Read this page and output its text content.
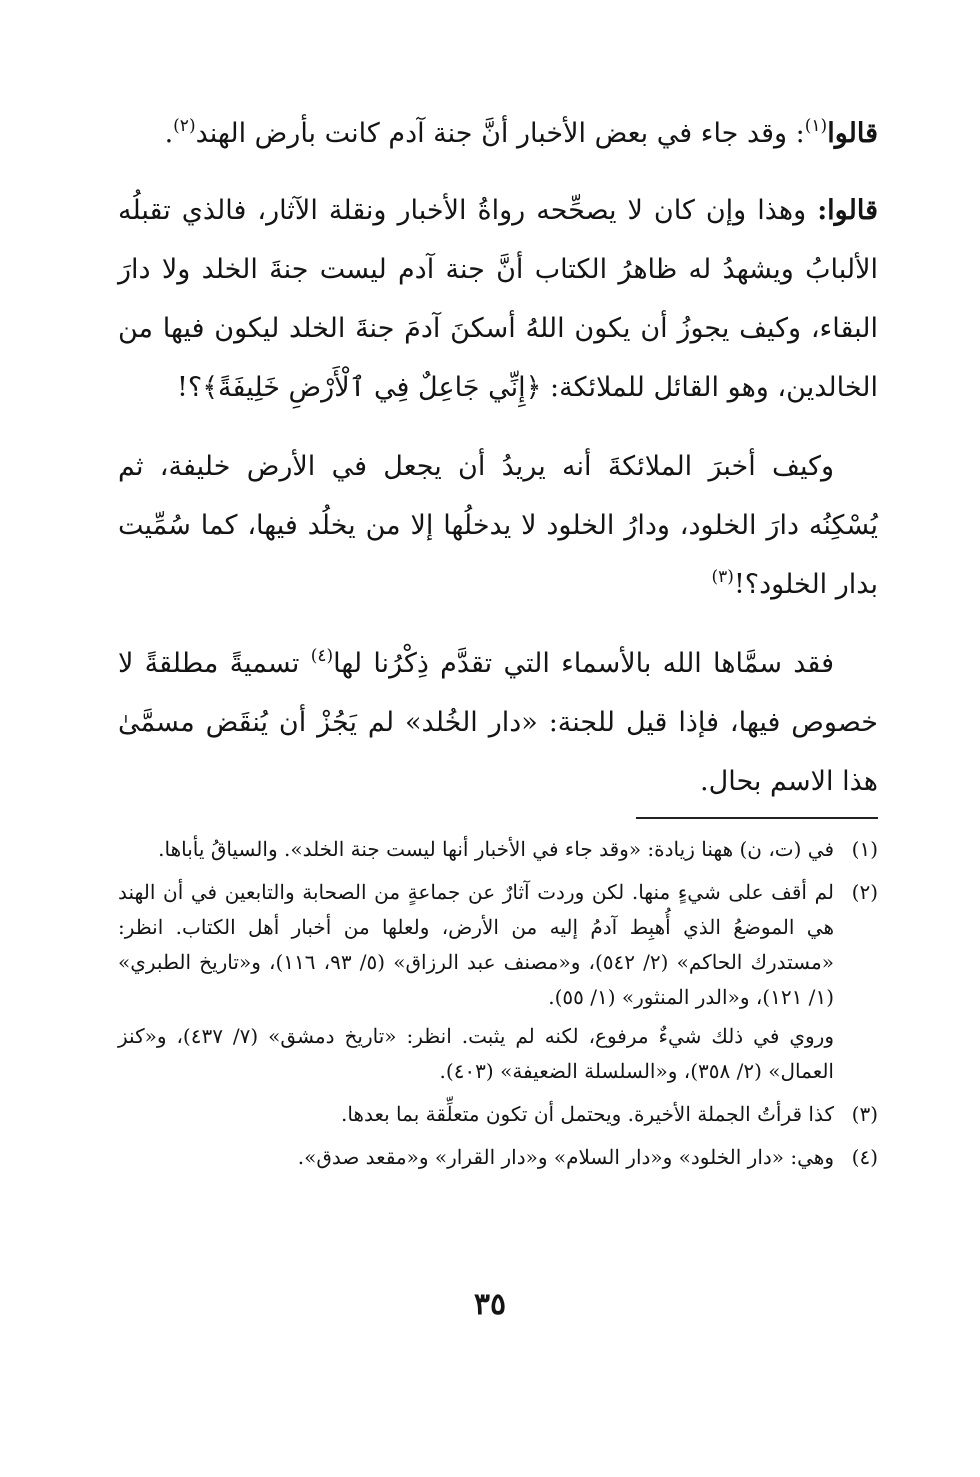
قالوا$^{(١)}$: وقد جاء في بعض الأخبار أنَّ جنة آدم كانت بأرض الهند$^{(٢)}$.

قالوا: وهذا وإن كان لا يصحِّحه رواةُ الأخبار ونقلة الآثار، فالذي تقبلُه الألبابُ ويشهدُ له ظاهرُ الكتاب أنَّ جنة آدم ليست جنةَ الخلد ولا دارَ البقاء، وكيف يجوزُ أن يكون اللهُ أسكنَ آدمَ جنةَ الخلد ليكون فيها من الخالدين، وهو القائل للملائكة: ﴿إِنِّي جَاعِلٌ فِي ٱلْأَرْضِ خَلِيفَةً﴾؟!

وكيف أخبرَ الملائكةَ أنه يريدُ أن يجعل في الأرض خليفة، ثم يُسْكِنُه دارَ الخلود، ودارُ الخلود لا يدخلُها إلا من يخلُد فيها، كما سُمِّيت بدار الخلود؟!$^{(٣)}$

فقد سمَّاها الله بالأسماء التي تقدَّم ذِكْرُنا لها$^{(٤)}$ تسميةً مطلقةً لا خصوص فيها، فإذا قيل للجنة: «دار الخُلد» لم يَجُزْ أن يُنقَض مسمَّىٰ هذا الاسم بحال.

(١)

في (ت، ن) ههنا زيادة: «وقد جاء في الأخبار أنها ليست جنة الخلد». والسياقُ يأباها.

(٢)

لم أقف على شيءٍ منها. لكن وردت آثارٌ عن جماعةٍ من الصحابة والتابعين في أن الهند هي الموضعُ الذي أُهبِط آدمُ إليه من الأرض، ولعلها من أخبار أهل الكتاب. انظر: «مستدرك الحاكم» (٢/ ٥٤٢)، و«مصنف عبد الرزاق» (٥/ ٩٣، ١١٦)، و«تاريخ الطبري» (١/ ١٢١)، و«الدر المنثور» (١/ ٥٥).

وروي في ذلك شيءٌ مرفوع، لكنه لم يثبت. انظر: «تاريخ دمشق» (٧/ ٤٣٧)، و«كنز العمال» (٢/ ٣٥٨)، و«السلسلة الضعيفة» (٤٠٣).

(٣)

كذا قرأتُ الجملة الأخيرة. ويحتمل أن تكون متعلِّقة بما بعدها.

(٤)

وهي: «دار الخلود» و«دار السلام» و«دار القرار» و«مقعد صدق».

٣٥
